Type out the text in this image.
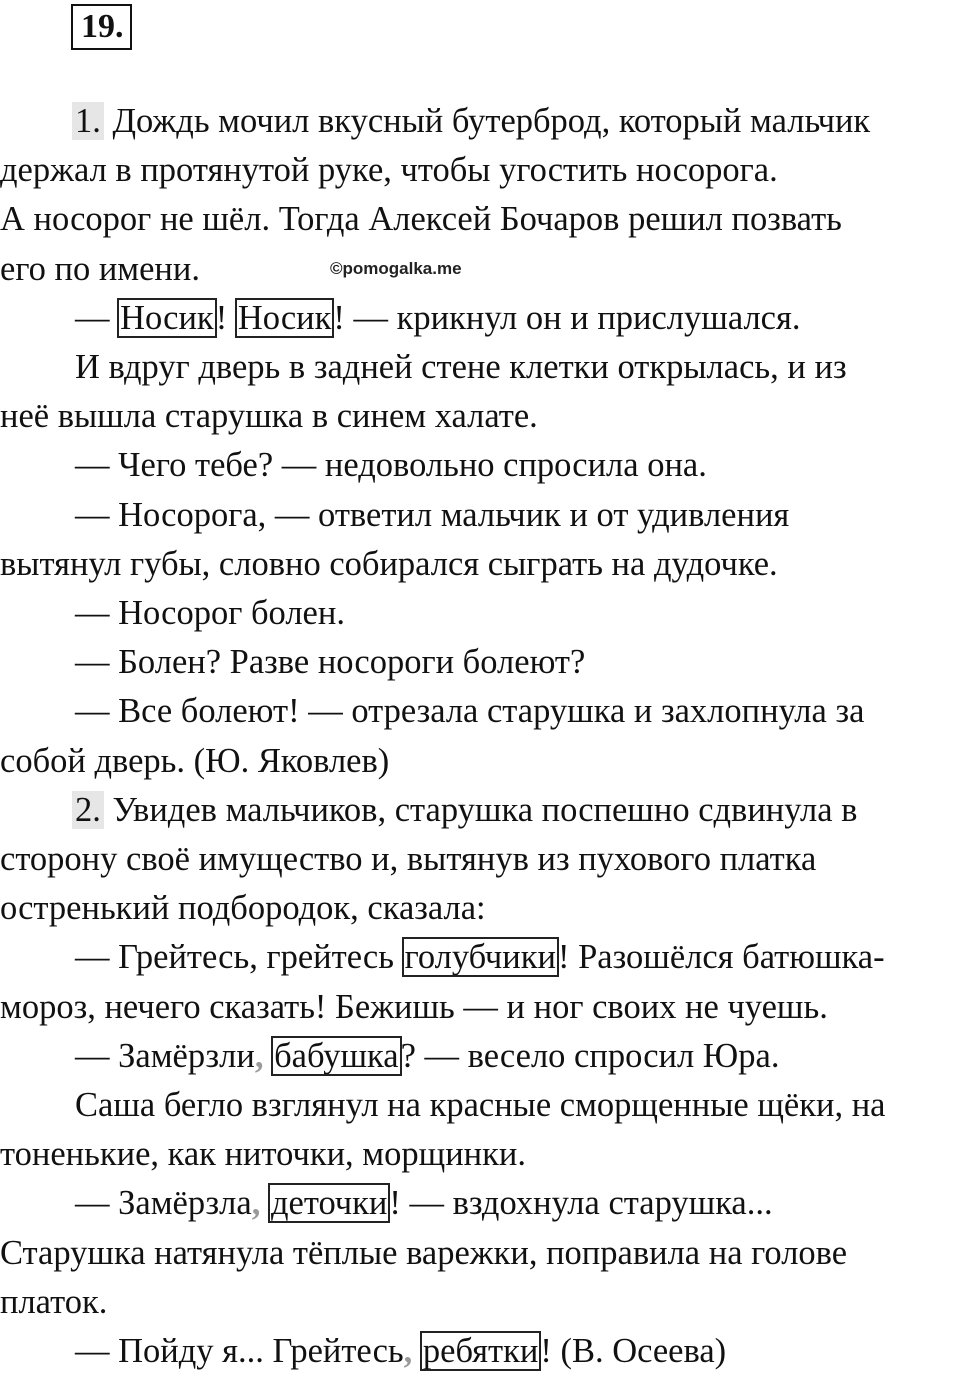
19.
©pomogalka.me
1. Дождь мочил вкусный бутерброд, который мальчик
держал в протянутой руке, чтобы угостить носорога.
А носорог не шёл. Тогда Алексей Бочаров решил позвать
его по имени.
— Носик! Носик! — крикнул он и прислушался.
И вдруг дверь в задней стене клетки открылась, и из
неё вышла старушка в синем халате.
— Чего тебе? — недовольно спросила она.
— Носорога, — ответил мальчик и от удивления
вытянул губы, словно собирался сыграть на дудочке.
— Носорог болен.
— Болен? Разве носороги болеют?
— Все болеют! — отрезала старушка и захлопнула за
собой дверь. (Ю. Яковлев)
2. Увидев мальчиков, старушка поспешно сдвинула в
сторону своё имущество и, вытянув из пухового платка
остренький подбородок, сказала:
— Грейтесь, грейтесь голубчики! Разошёлся батюшка-
мороз, нечего сказать! Бежишь — и ног своих не чуешь.
— Замёрзли, бабушка? — весело спросил Юра.
Саша бегло взглянул на красные сморщенные щёки, на
тоненькие, как ниточки, морщинки.
— Замёрзла, деточки! — вздохнула старушка...
Старушка натянула тёплые варежки, поправила на голове
платок.
— Пойду я... Грейтесь, ребятки! (В. Осеева)
